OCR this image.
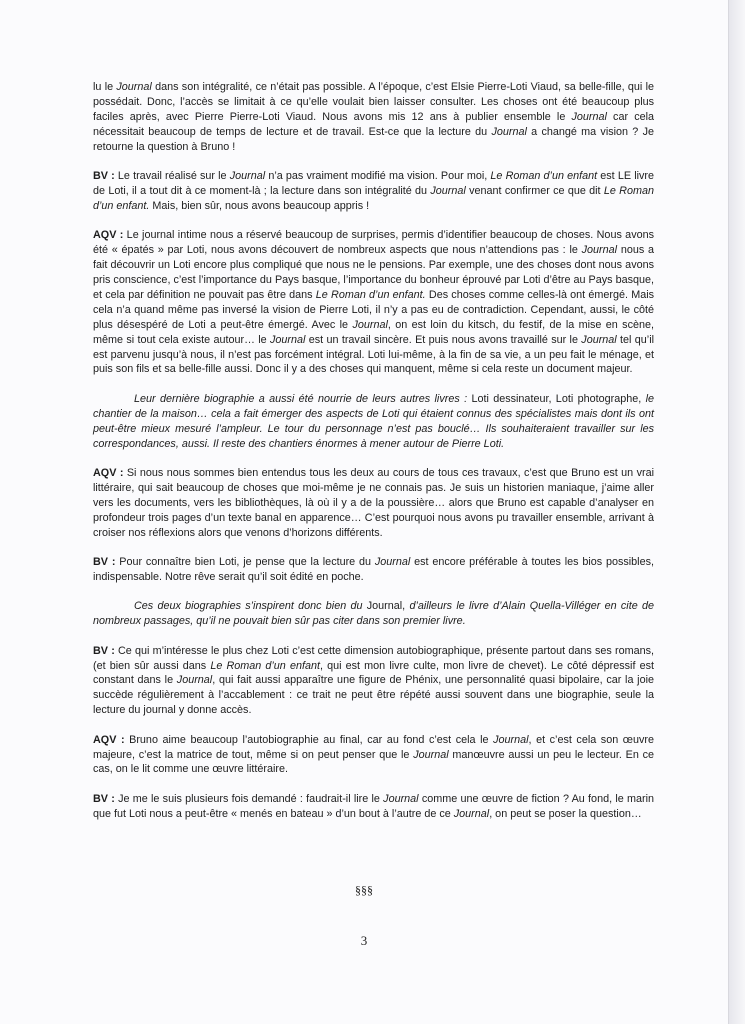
lu le Journal dans son intégralité, ce n’était pas possible. A l’époque, c’est Elsie Pierre-Loti Viaud, sa belle-fille, qui le possédait. Donc, l’accès se limitait à ce qu’elle voulait bien laisser consulter. Les choses ont été beaucoup plus faciles après, avec Pierre Pierre-Loti Viaud. Nous avons mis 12 ans à publier ensemble le Journal car cela nécessitait beaucoup de temps de lecture et de travail. Est-ce que la lecture du Journal a changé ma vision ? Je retourne la question à Bruno !

BV : Le travail réalisé sur le Journal n’a pas vraiment modifié ma vision. Pour moi, Le Roman d’un enfant est LE livre de Loti, il a tout dit à ce moment-là ; la lecture dans son intégralité du Journal venant confirmer ce que dit Le Roman d’un enfant. Mais, bien sûr, nous avons beaucoup appris !

AQV : Le journal intime nous a réservé beaucoup de surprises, permis d’identifier beaucoup de choses. Nous avons été « épatés » par Loti, nous avons découvert de nombreux aspects que nous n’attendions pas : le Journal nous a fait découvrir un Loti encore plus compliqué que nous ne le pensions. Par exemple, une des choses dont nous avons pris conscience, c’est l’importance du Pays basque, l’importance du bonheur éprouvé par Loti d’être au Pays basque, et cela par définition ne pouvait pas être dans Le Roman d’un enfant. Des choses comme celles-là ont émergé. Mais cela n’a quand même pas inversé la vision de Pierre Loti, il n’y a pas eu de contradiction. Cependant, aussi, le côté plus désespéré de Loti a peut-être émergé. Avec le Journal, on est loin du kitsch, du festif, de la mise en scène, même si tout cela existe autour… le Journal est un travail sincère. Et puis nous avons travaillé sur le Journal tel qu’il est parvenu jusqu’à nous, il n’est pas forcément intégral. Loti lui-même, à la fin de sa vie, a un peu fait le ménage, et puis son fils et sa belle-fille aussi. Donc il y a des choses qui manquent, même si cela reste un document majeur.

Leur dernière biographie a aussi été nourrie de leurs autres livres : Loti dessinateur, Loti photographe, le chantier de la maison… cela a fait émerger des aspects de Loti qui étaient connus des spécialistes mais dont ils ont peut-être mieux mesuré l’ampleur. Le tour du personnage n’est pas bouclé… Ils souhaiteraient travailler sur les correspondances, aussi. Il reste des chantiers énormes à mener autour de Pierre Loti.

AQV : Si nous nous sommes bien entendus tous les deux au cours de tous ces travaux, c’est que Bruno est un vrai littéraire, qui sait beaucoup de choses que moi-même je ne connais pas. Je suis un historien maniaque, j’aime aller vers les documents, vers les bibliothèques, là où il y a de la poussière… alors que Bruno est capable d’analyser en profondeur trois pages d’un texte banal en apparence… C’est pourquoi nous avons pu travailler ensemble, arrivant à croiser nos réflexions alors que venons d’horizons différents.

BV : Pour connaître bien Loti, je pense que la lecture du Journal est encore préférable à toutes les bios possibles, indispensable. Notre rêve serait qu’il soit édité en poche.

Ces deux biographies s’inspirent donc bien du Journal, d’ailleurs le livre d’Alain Quella-Villéger en cite de nombreux passages, qu’il ne pouvait bien sûr pas citer dans son premier livre.

BV : Ce qui m’intéresse le plus chez Loti c’est cette dimension autobiographique, présente partout dans ses romans, (et bien sûr aussi dans Le Roman d’un enfant, qui est mon livre culte, mon livre de chevet). Le côté dépressif est constant dans le Journal, qui fait aussi apparaître une figure de Phénix, une personnalité quasi bipolaire, car la joie succède régulièrement à l’accablement : ce trait ne peut être répété aussi souvent dans une biographie, seule la lecture du journal y donne accès.

AQV : Bruno aime beaucoup l’autobiographie au final, car au fond c’est cela le Journal, et c’est cela son œuvre majeure, c’est la matrice de tout, même si on peut penser que le Journal manœuvre aussi un peu le lecteur. En ce cas, on le lit comme une œuvre littéraire.

BV : Je me le suis plusieurs fois demandé : faudrait-il lire le Journal comme une œuvre de fiction ? Au fond, le marin que fut Loti nous a peut-être « menés en bateau » d’un bout à l’autre de ce Journal, on peut se poser la question…

§§§
3
